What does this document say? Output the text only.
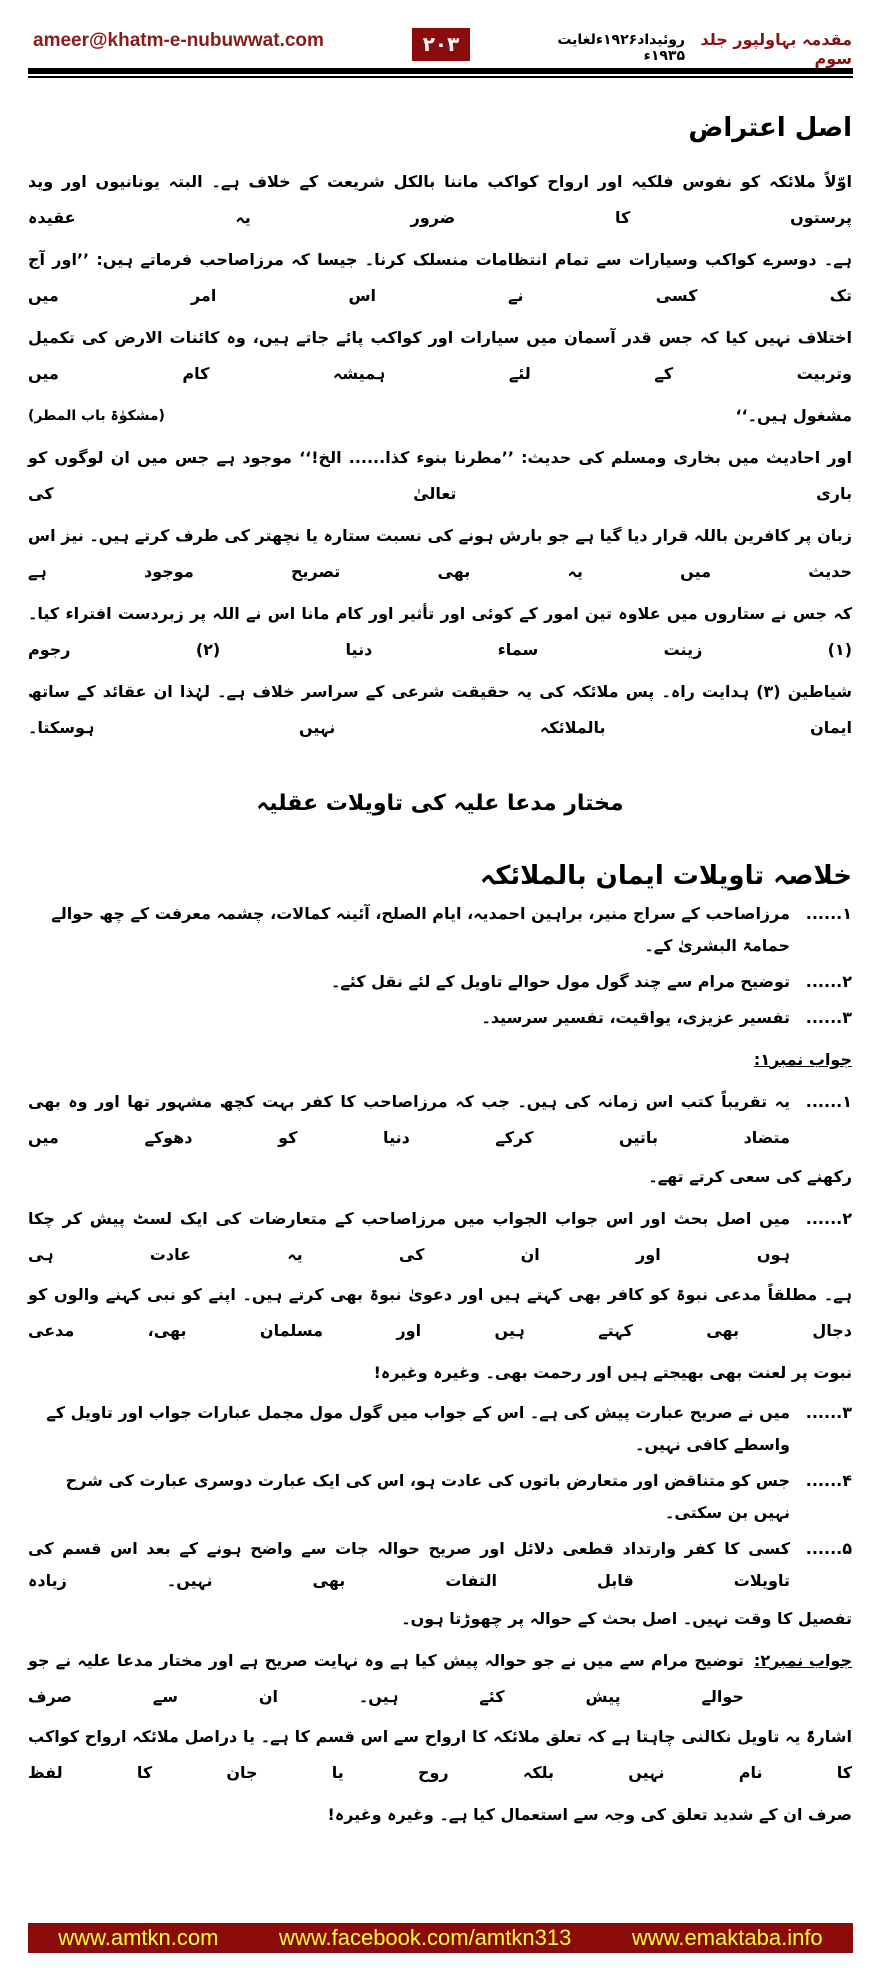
ameer@khatm-e-nubuwwat.com	۲۰۳	روئیداد۱۹۲۶ءلغایت ۱۹۳۵ء
مقدمہ بہاولپور جلد سوم
اصل اعتراض
اوّلاً ملائکہ کو نفوس فلکیہ اور ارواح کواکب ماننا بالکل شریعت کے خلاف ہے۔ البتہ یونانیوں اور وید پرستوں کا ضرور یہ عقیدہ
ہے۔ دوسرے کواکب وسیارات سے تمام انتظامات منسلک کرنا۔ جیسا کہ مرزاصاحب فرماتے ہیں: ’’اور آج تک کسی نے اس امر میں
اختلاف نہیں کیا کہ جس قدر آسمان میں سیارات اور کواکب پائے جاتے ہیں، وہ کائنات الارض کی تکمیل وتربیت کے لئے ہمیشہ کام میں
مشغول ہیں۔‘‘
(مشکوٰۃ باب المطر)
اور احادیث میں بخاری ومسلم کی حدیث: ’’مطرنا بنوء کذا...... الخ!‘‘ موجود ہے جس میں ان لوگوں کو باری تعالیٰ کی
زبان پر کافرین باللہ قرار دیا گیا ہے جو بارش ہونے کی نسبت ستارہ یا نچھتر کی طرف کرتے ہیں۔ نیز اس حدیث میں یہ بھی تصریح موجود ہے
کہ جس نے ستاروں میں علاوہ تین امور کے کوئی اور تأثیر اور کام مانا اس نے اللہ پر زبردست افتراء کیا۔ (۱) زینت سماء دنیا (۲) رجوم
شیاطین (۳) ہدایت راہ۔ پس ملائکہ کی یہ حقیقت شرعی کے سراسر خلاف ہے۔ لہٰذا ان عقائد کے ساتھ ایمان بالملائکہ نہیں ہوسکتا۔
مختار مدعا علیہ کی تاویلات عقلیہ
خلاصہ تاویلات ایمان بالملائکہ
۱......
مرزاصاحب کے سراج منیر، براہین احمدیہ، ایام الصلح، آئینہ کمالات، چشمہ معرفت کے چھ حوالے حمامۃ البشریٰ کے۔
۲......
توضیح مرام سے چند گول مول حوالے تاویل کے لئے نقل کئے۔
۳......
تفسیر عزیزی، یواقیت، تفسیر سرسید۔
جواب نمبر۱:
۱......
یہ تقریباً کتب اس زمانہ کی ہیں۔ جب کہ مرزاصاحب کا کفر بہت کچھ مشہور تھا اور وہ بھی متضاد باتیں کرکے دنیا کو دھوکے میں
رکھنے کی سعی کرتے تھے۔
۲......
میں اصل بحث اور اس جواب الجواب میں مرزاصاحب کے متعارضات کی ایک لسٹ پیش کر چکا ہوں اور ان کی یہ عادت ہی
ہے۔ مطلقاً مدعی نبوۃ کو کافر بھی کہتے ہیں اور دعویٰ نبوۃ بھی کرتے ہیں۔ اپنے کو نبی کہنے والوں کو دجال بھی کہتے ہیں اور مسلمان بھی، مدعی
نبوت پر لعنت بھی بھیجتے ہیں اور رحمت بھی۔ وغیرہ وغیرہ!
۳......
میں نے صریح عبارت پیش کی ہے۔ اس کے جواب میں گول مول مجمل عبارات جواب اور تاویل کے واسطے کافی نہیں۔
۴......
جس کو متناقض اور متعارض باتوں کی عادت ہو، اس کی ایک عبارت دوسری عبارت کی شرح نہیں بن سکتی۔
۵......
کسی کا کفر وارتداد قطعی دلائل اور صریح حوالہ جات سے واضح ہونے کے بعد اس قسم کی تاویلات قابل التفات بھی نہیں۔ زیادہ
تفصیل کا وقت نہیں۔ اصل بحث کے حوالہ پر چھوڑتا ہوں۔
جواب نمبر۲:
توضیح مرام سے میں نے جو حوالہ پیش کیا ہے وہ نہایت صریح ہے اور مختار مدعا علیہ نے جو حوالے پیش کئے ہیں۔ ان سے صرف
اشارۃً یہ تاویل نکالنی چاہتا ہے کہ تعلق ملائکہ کا ارواح سے اس قسم کا ہے۔ یا دراصل ملائکہ ارواح کواکب کا نام نہیں بلکہ روح یا جان کا لفظ
صرف ان کے شدید تعلق کی وجہ سے استعمال کیا ہے۔ وغیرہ وغیرہ!
www.amtkn.com	www.facebook.com/amtkn313	www.emaktaba.info
